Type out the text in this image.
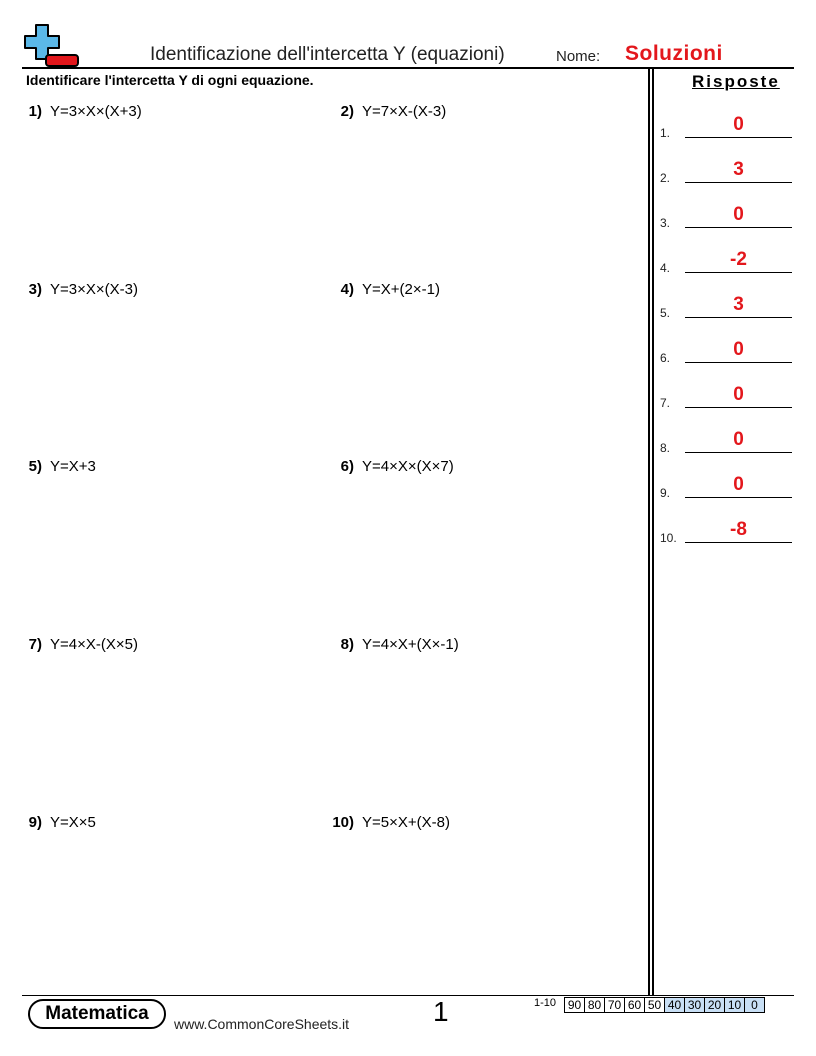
Identificazione dell'intercetta Y (equazioni)	Nome: Soluzioni
Identificare l'intercetta Y di ogni equazione.	Risposte
1) Y=3×X×(X+3)	2) Y=7×X-(X-3)
3) Y=3×X×(X-3)	4) Y=X+(2×-1)
5) Y=X+3	6) Y=4×X×(X×7)
7) Y=4×X-(X×5)	8) Y=4×X+(X×-1)
9) Y=X×5	10) Y=5×X+(X-8)
1.	0
2.	3
3.	0
4.	-2
5.	3
6.	0
7.	0
8.	0
9.	0
10.	-8
Matematica	www.CommonCoreSheets.it	1	1-10 90	80	70	60	50	40	30	20	10	0
